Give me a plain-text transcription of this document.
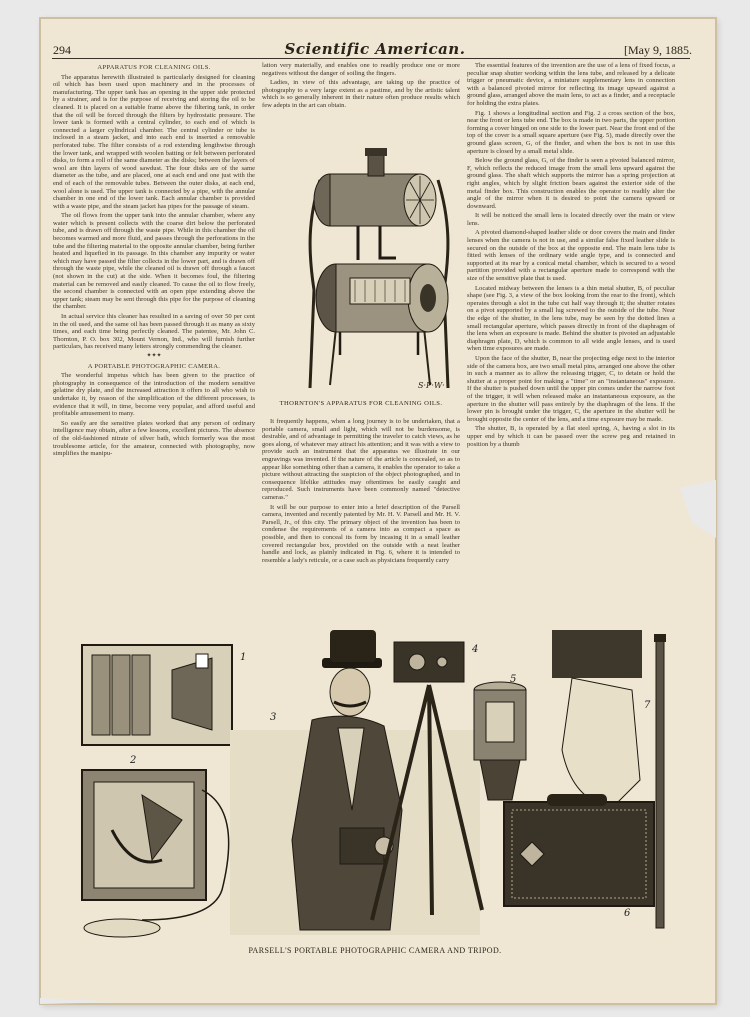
294	Scientific American.	[May 9, 1885.
APPARATUS FOR CLEANING OILS.

The apparatus herewith illustrated is particularly designed for cleaning oil which has been used upon machinery and in the processes of manufacturing. The upper tank has an opening in the upper side protected by a strainer, and is for the purpose of receiving and storing the oil to be cleaned. It is placed on a suitable frame above the filtering tank, in order that the oil will be forced through the filters by hydrostatic pressure. The lower tank is formed with a central cylinder, to each end of which is connected a larger cylindrical chamber. The central cylinder or tube is inclosed in a steam jacket, and into each end is inserted a removable perforated tube. The filter consists of a rod extending lengthwise through the lower tank, and wrapped with woolen batting or felt between perforated disks, to form a roll of the same diameter as the disks; between the layers of wool are thin layers of wood sawdust. The four disks are of the same diameter as the tube, and are placed, one at each end and one just with the end of each of the removable tubes. Between the outer disks, at each end, wool alone is used. The upper tank is connected by a pipe, with the annular chamber in one end of the lower tank. Each annular chamber is provided with a waste pipe, and the steam jacket has pipes for the passage of steam.

The oil flows from the upper tank into the annular chamber, where any water which is present collects with the coarse dirt below the perforated tube, and is drawn off through the waste pipe. While in this chamber the oil becomes warmed and more fluid, and passes through the perforations in the tube and the filtering material to the opposite annular chamber, being further heated and liquefied in its passage. In this chamber any impurity or water which may have passed the filter collects in the lower part, and is drawn off through the waste pipe, while the cleaned oil is drawn off through a faucet (not shown in the cut) at the side. When it becomes foul, the filtering material can be removed and easily cleaned. To cause the oil to flow freely, the second chamber is connected with an open pipe extending above the upper tank; steam may be sent through this pipe for the purpose of cleaning the chamber.

In actual service this cleaner has resulted in a saving of over 50 per cent in the oil used, and the same oil has been passed through it as many as sixty times, and each time being perfectly cleaned. The patentee, Mr. John C. Thornton, P. O. box 302, Mount Vernon, Ind., who will furnish further particulars, has received many letters strongly commending the cleaner.

✦✦✦
A PORTABLE PHOTOGRAPHIC CAMERA.

The wonderful impetus which has been given to the practice of photography in consequence of the introduction of the modern sensitive gelatine dry plate, and the increased attraction it offers to all who wish to undertake it, by reason of the simplification of the different processes, is evidence that it will, in time, become very popular, and afford useful and profitable amusement to many.

So easily are the sensitive plates worked that any person of ordinary intelligence may obtain, after a few lessons, excellent pictures. The absence of the old-fashioned nitrate of silver bath, which formerly was the most troublesome article, for the amateur, connected with photography, now simplifies the manipu-

lation very materially, and enables one to readily produce one or more negatives without the danger of soiling the fingers.

Ladies, in view of this advantage, are taking up the practice of photography to a very large extent as a pastime, and by the artistic talent which is so generally inherent in their nature often produce results which few adepts in the art can obtain.

S·P·W·
THORNTON'S APPARATUS FOR CLEANING OILS.

It frequently happens, when a long journey is to be undertaken, that a portable camera, small and light, which will not be burdensome, is desirable, and of advantage in permitting the traveler to catch views, as he goes along, of whatever may attract his attention; and it was with a view to provide such an instrument that the apparatus we illustrate in our engravings was invented. If the nature of the article is concealed, so as to appear like something other than a camera, it enables the operator to take a picture without attracting the suspicion of the object photographed, and in consequence lifelike attitudes may oftentimes be easily caught and reproduced. Such instruments have been commonly named "detective cameras."

It will be our purpose to enter into a brief description of the Parsell camera, invented and recently patented by Mr. H. V. Parsell and Mr. H. V. Parsell, Jr., of this city. The primary object of the invention has been to condense the requirements of a camera into as compact a space as possible, and then to conceal its form by incasing it in a small leather covered rectangular box, provided on the outside with a neat leather handle and lock, as plainly indicated in Fig. 6, where it is intended to resemble a lady's reticule, or a case such as physicians frequently carry

The essential features of the invention are the use of a lens of fixed focus, a peculiar snap shutter working within the lens tube, and released by a delicate trigger or pneumatic device, a miniature supplementary lens in connection with a balanced pivoted mirror for reflecting its image upward against a ground glass, arranged above the main lens, to act as a finder, and a receptacle for holding the extra plates.

Fig. 1 shows a longitudinal section and Fig. 2 a cross section of the box, near the front or lens tube end. The box is made in two parts, the upper portion forming a cover hinged on one side to the lower part. Near the front end of the top of the cover is a small square aperture (see Fig. 5), made directly over the ground glass screen, G, of the finder, and when the box is not in use this aperture is closed by a small metal slide.

Below the ground glass, G, of the finder is seen a pivoted balanced mirror, F, which reflects the reduced image from the small lens upward against the ground glass. The shaft which supports the mirror has a spring projection at right angles, which by slight friction bears against the exterior side of the metal finder box. This construction enables the operator to readily alter the angle of the mirror when it is desired to point the camera upward or downward.

It will be noticed the small lens is located directly over the main or view lens.

A pivoted diamond-shaped leather slide or door covers the main and finder lenses when the camera is not in use, and a similar false fixed leather slide is secured on the outside of the box at the opposite end. The main lens tube is fitted with lenses of the ordinary wide angle type, and is connected and supported at its rear by a conical metal chamber, which is secured to a wood partition provided with a rectangular aperture made to correspond with the size of the sensitive plate that is used.

Located midway between the lenses is a thin metal shutter, B, of peculiar shape (see Fig. 3, a view of the box looking from the rear to the front), which operates through a slot in the tube cut half way through it; the shutter rotates on a pivot supported by a small lug screwed to the outside of the tube. Near the edge of the shutter, in the lens tube, may be seen by the dotted lines a small rectangular aperture, which passes directly in front of the diaphragm of the lens when an exposure is made. Behind the shutter is pivoted an adjustable diaphragm plate, D, which is common to all wide angle lenses, and is used when time exposures are made.

Upon the face of the shutter, B, near the projecting edge next to the interior side of the camera box, are two small metal pins, arranged one above the other in such a manner as to allow the releasing trigger, C, to detain or hold the shutter at a proper point for making a "time" or an "instantaneous" exposure. If the shutter is pushed down until the upper pin comes under the narrow foot of the trigger, it will when released make an instantaneous exposure, as the aperture in the shutter will pass entirely by the diaphragm of the lens. If the lower pin is brought under the trigger, C, the aperture in the shutter will be brought opposite the center of the lens, and a time exposure may be made.

The shutter, B, is operated by a flat steel spring, A, having a slot in its upper end by which it can be passed over the screw peg and retained in position by a thumb

1
2
3
4
5
6
7
PARSELL'S PORTABLE PHOTOGRAPHIC CAMERA AND TRIPOD.
